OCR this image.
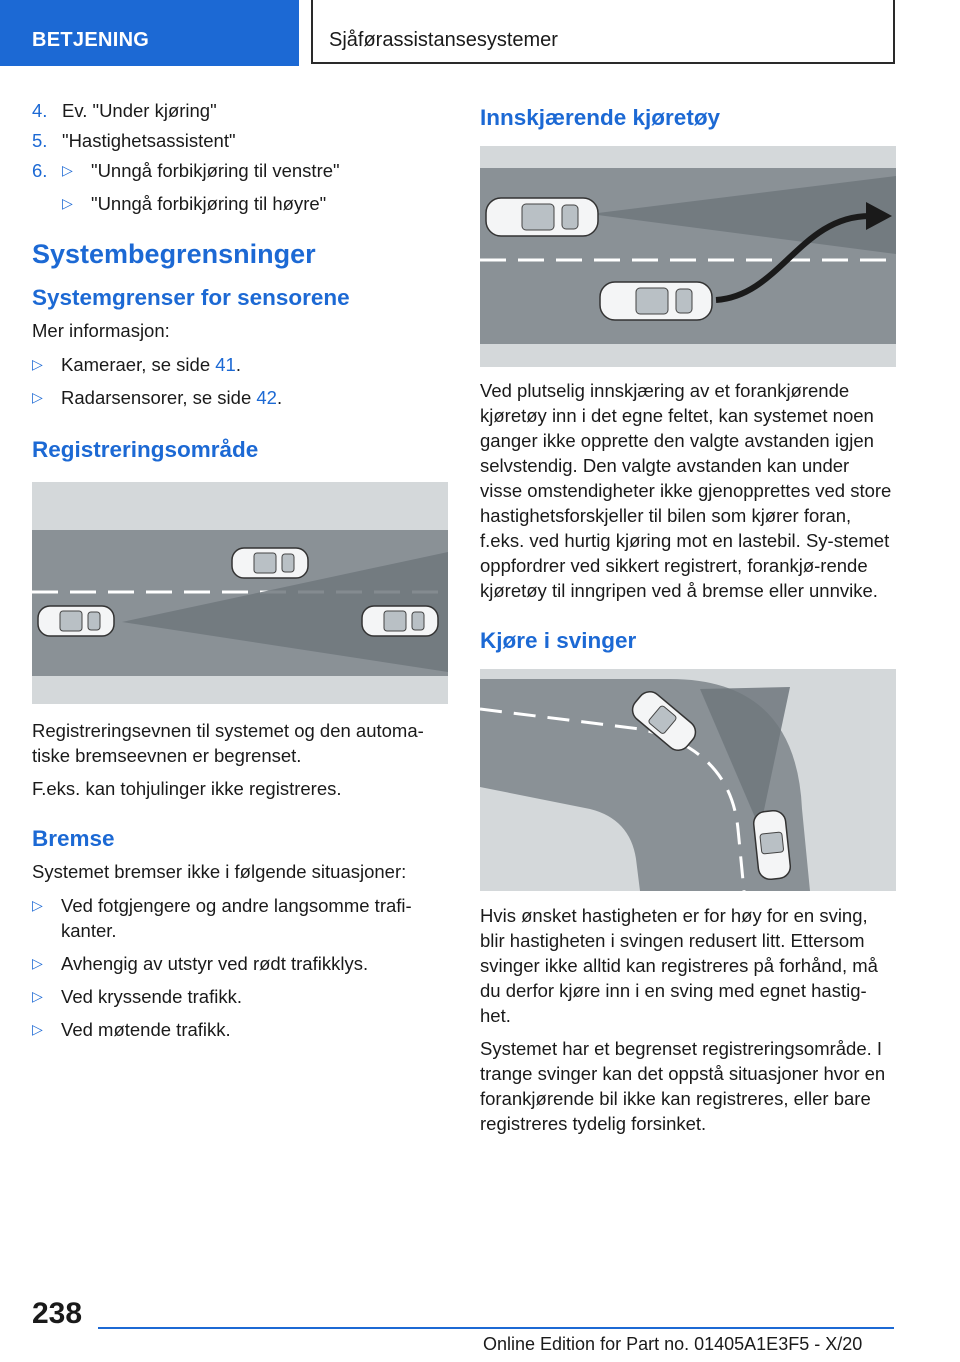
BETJENING	Sjåførassistansesystemer
4. Ev. "Under kjøring"
5. "Hastighetsassistent"
6. ▷ "Unngå forbikjøring til venstre"
▷ "Unngå forbikjøring til høyre"
Systembegrensninger
Systemgrenser for sensorene

Mer informasjon:

▷ Kameraer, se side 41.
▷ Radarsensorer, se side 42.
Registreringsområde

Registreringsevnen til systemet og den automa-tiske bremseevnen er begrenset.

F.eks. kan tohjulinger ikke registreres.

Bremse

Systemet bremser ikke i følgende situasjoner:

▷ Ved fotgjengere og andre langsomme trafi-kanter.
▷ Avhengig av utstyr ved rødt trafikklys.
▷ Ved kryssende trafikk.
▷ Ved møtende trafikk.
Innskjærende kjøretøy

Ved plutselig innskjæring av et forankjørende kjøretøy inn i det egne feltet, kan systemet noen ganger ikke opprette den valgte avstanden igjen selvstendig. Den valgte avstanden kan under visse omstendigheter ikke gjenopprettes ved store hastighetsforskjeller til bilen som kjører foran, f.eks. ved hurtig kjøring mot en lastebil. Sy-stemet oppfordrer ved sikkert registrert, forankjø-rende kjøretøy til inngripen ved å bremse eller unnvike.

Kjøre i svinger

Hvis ønsket hastigheten er for høy for en sving, blir hastigheten i svingen redusert litt. Ettersom svinger ikke alltid kan registreres på forhånd, må du derfor kjøre inn i en sving med egnet hastig-het.

Systemet har et begrenset registreringsområde. I trange svinger kan det oppstå situasjoner hvor en forankjørende bil ikke kan registreres, eller bare registreres tydelig forsinket.

238
Online Edition for Part no. 01405A1E3F5 - X/20
